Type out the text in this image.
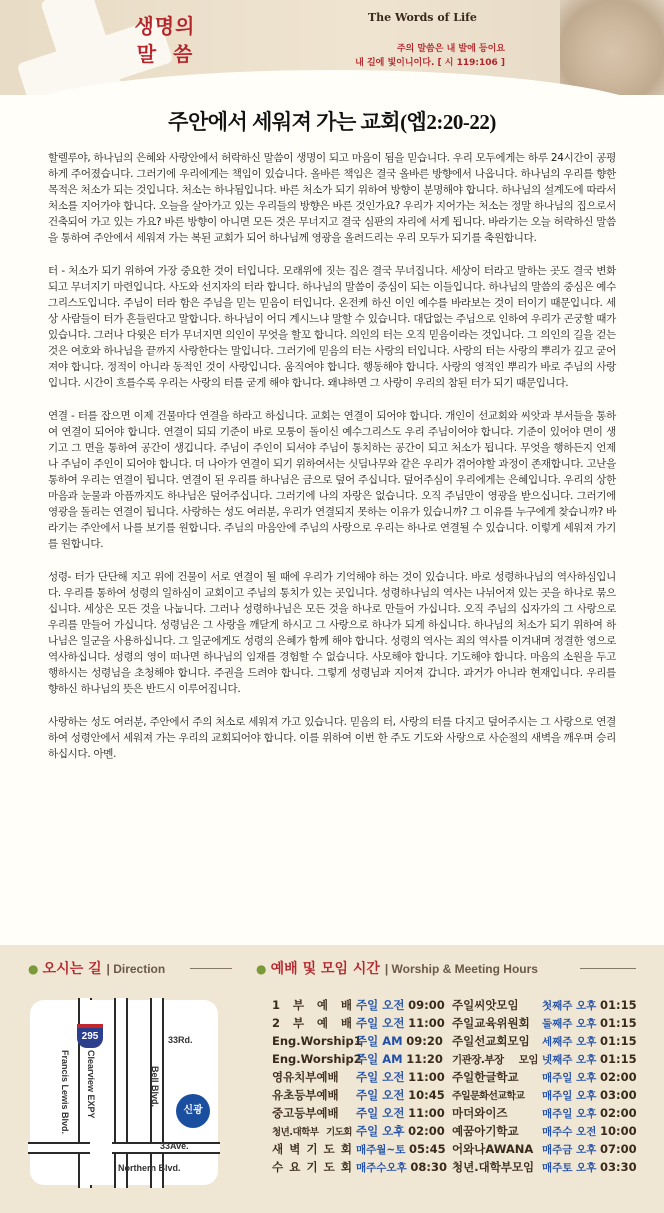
생명의
말  씀
The Words of Life
주의 말씀은 내 발에 등이요
내 길에 빛이니이다. [ 시 119:106 ]
주안에서 세워져 가는 교회(엡2:20-22)

할렐루야, 하나님의 은혜와 사랑안에서 허락하신 말씀이 생명이 되고 마음이 됨을 믿습니다. 우리 모두에게는 하루 24시간이 공평하게 주어졌습니다. 그러기에 우리에게는 책임이 있습니다. 올바른 책임은 결국 올바른 방향에서 나옵니다. 하나님의 우리를 향한 목적은 처소가 되는 것입니다. 처소는 하나됨입니다. 바른 처소가 되기 위하여 방향이 분명해야 합니다. 하나님의 설계도에 따라서 처소를 지어가야 합니다. 오늘을 살아가고 있는 우리들의 방향은 바른 것인가요? 우리가 지어가는 처소는 정말 하나님의 집으로서 건축되어 가고 있는 가요? 바른 방향이 아니면 모든 것은 무너지고 결국 심판의 자리에 서게 됩니다. 바라기는 오늘 허락하신 말씀을 통하여 주안에서 세워져 가는 복된 교회가 되어 하나님께 영광을 올려드리는 우리 모두가 되기를 축원합니다.

터 - 처소가 되기 위하여 가장 중요한 것이 터입니다. 모래위에 짓는 집은 결국 무너집니다. 세상이 터라고 말하는 곳도 결국 변화되고 무너지기 마련입니다. 사도와 선지자의 터라 합니다. 하나님의 말씀이 중심이 되는 이들입니다. 하나님의 말씀의 중심은 예수그리스도입니다. 주님이 터라 함은 주님을 믿는 믿음이 터입니다. 온전케 하신 이인 예수를 바라보는 것이 터이기 때문입니다. 세상 사람들이 터가 흔들린다고 말합니다. 하나님이 어디 계시느냐 말할 수 있습니다. 대답없는 주님으로 인하여 우리가 곤궁할 때가 있습니다. 그러나 다윗은 터가 무너지면 의인이 무엇을 할꼬 합니다. 의인의 터는 오직 믿음이라는 것입니다. 그 의인의 길을 걷는 것은 여호와 하나님을 끝까지 사랑한다는 말입니다. 그러기에 믿음의 터는 사랑의 터입니다. 사랑의 터는 사랑의 뿌리가 깊고 굳어져야 합니다. 정적이 아니라 동적인 것이 사랑입니다. 움직여야 합니다. 행동해야 합니다. 사랑의 영적인 뿌리가 바로 주님의 사랑입니다. 시간이 흐를수록 우리는 사랑의 터를 굳게 해야 합니다. 왜냐하면 그 사랑이 우리의 참된 터가 되기 때문입니다.

연결 - 터를 잡으면 이제 건물마다 연결을 하라고 하십니다. 교회는 연결이 되어야 합니다. 개인이 선교회와 씨앗과 부서들을 통하여 연결이 되어야 합니다. 연결이 되되 기준이 바로 모퉁이 돌이신 예수그리스도 우리 주님이어야 합니다. 기준이 있어야 면이 생기고 그 면을 통하여 공간이 생깁니다. 주님이 주인이 되셔야 주님이 통치하는 공간이 되고 처소가 됩니다. 무엇을 행하든지 언제나 주님이 주인이 되어야 합니다. 더 나아가 연결이 되기 위하여서는 싯딤나무와 같은 우리가 겪어야할 과정이 존재합니다. 고난을 통하여 우리는 연결이 됩니다. 연결이 된 우리를 하나님은 금으로 덮어 주십니다. 덮어주심이 우리에게는 은혜입니다. 우리의 상한 마음과 눈물과 아픔까지도 하나님은 덮어주십니다. 그러기에 나의 자랑은 없습니다. 오직 주님만이 영광을 받으십니다. 그러기에 영광을 돌리는 연결이 됩니다. 사랑하는 성도 여러분, 우리가 연결되지 못하는 이유가 있습니까? 그 이유를 누구에게 찾습니까? 바라기는 주안에서 나를 보기를 원합니다. 주님의 마음안에 주님의 사랑으로 우리는 하나로 연결될 수 있습니다. 이렇게 세워져 가기를 원합니다.

성령- 터가 단단해 지고 위에 건물이 서로 연결이 될 때에 우리가 기억해야 하는 것이 있습니다. 바로 성령하나님의 역사하심입니다. 우리를 통하여 성령의 일하심이 교회이고 주님의 통치가 있는 곳입니다. 성령하나님의 역사는 나뉘어져 있는 곳을 하나로 묶으십니다. 세상은 모든 것을 나눕니다. 그러나 성령하나님은 모든 것을 하나로 만들어 가십니다. 오직 주님의 십자가의 그 사랑으로 우리를 만들어 가십니다. 성령님은 그 사랑을 깨닫게 하시고 그 사랑으로 하나가 되게 하십니다. 하나님의 처소가 되기 위하여 하나님은 일군을 사용하십니다. 그 일군에게도 성령의 은혜가 함께 해야 합니다. 성령의 역사는 죄의 역사를 이겨내며 정결한 영으로 역사하십니다. 성령의 영이 떠나면 하나님의 임재를 경험할 수 없습니다. 사모해야 합니다. 기도해야 합니다. 마음의 소원을 두고 행하시는 성령님을 초청해야 합니다. 주권을 드려야 합니다. 그렇게 성령님과 지어져 갑니다. 과거가 아니라 현재입니다. 우리를 향하신 하나님의 뜻은 반드시 이루어집니다.

사랑하는 성도 여러분, 주안에서 주의 처소로 세워져 가고 있습니다. 믿음의 터, 사랑의 터를 다지고 덮어주시는 그 사랑으로 연결하여 성령안에서 세워져 가는 우리의 교회되어야 합니다. 이를 위하여 이번 한 주도 기도와 사랑으로 사순절의 새벽을 깨우며 승리하십시다. 아멘.

● 오시는 길 | Direction
295	33Rd.
Bell Blvd.
Clearview EXPY
Francis Lewis Blvd.
33Ave.
Northern Blvd.
신광
● 예배 및 모임 시간 | Worship & Meeting Hours
1 부 예 배 주일 오전 09:00
2 부 예 배 주일 오전 11:00
Eng.Worship1주일 AM 09:20
Eng.Worship2주일 AM 11:20
영유치부예배 주일 오전 11:00
유초등부예배 주일 오전 10:45
중고등부예배 주일 오전 11:00
청년.대학부 기도회 주일 오후 02:00
새 벽 기 도 회 매주월~토 05:45
수 요 기 도 회 매주수오후 08:30
주일씨앗모임 첫째주 오후 01:15
주일교육위원회 둘째주 오후 01:15
주일선교회모임 세째주 오후 01:15
기관장.부장 모임 넷째주 오후 01:15
주일한글학교 매주일 오후 02:00
주일문화선교학교 매주일 오후 03:00
마더와이즈	매주일 오후 02:00
예꿈아기학교 매주수 오전 10:00
어와나AWANA 매주금 오후 07:00
청년.대학부모임 매주토 오후 03:30
